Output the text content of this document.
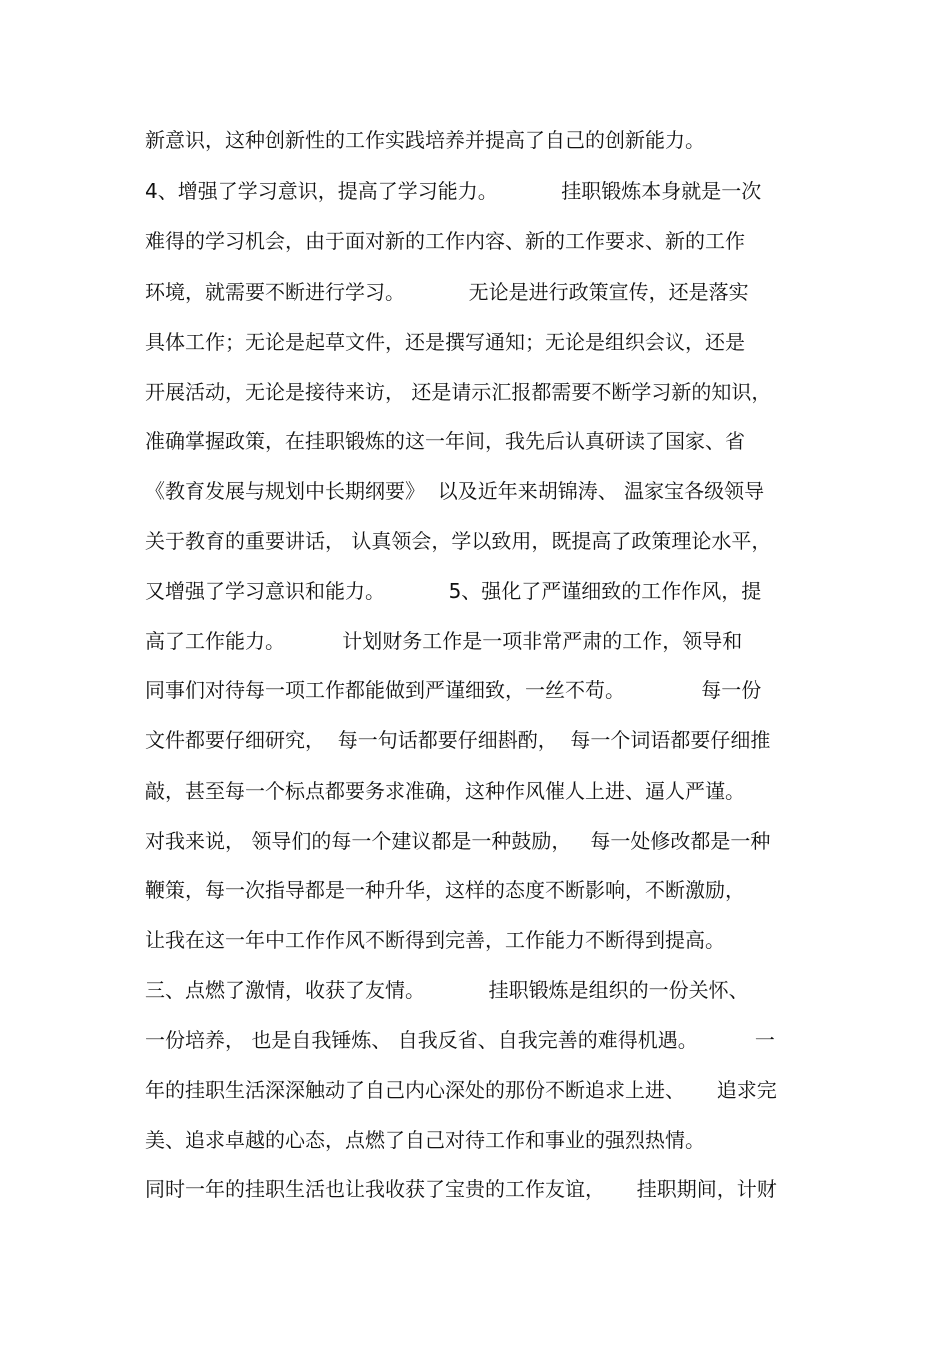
新意识，这种创新性的工作实践培养并提高了自己的创新能力。
4、增强了学习意识，提高了学习能力。          挂职锻炼本身就是一次
难得的学习机会，由于面对新的工作内容、新的工作要求、新的工作
环境，就需要不断进行学习。          无论是进行政策宣传，还是落实
具体工作；无论是起草文件，还是撰写通知；无论是组织会议，还是
开展活动，无论是接待来访， 还是请示汇报都需要不断学习新的知识，
准确掌握政策，在挂职锻炼的这一年间，我先后认真研读了国家、省
《教育发展与规划中长期纲要》  以及近年来胡锦涛、 温家宝各级领导
关于教育的重要讲话， 认真领会，学以致用，既提高了政策理论水平，
又增强了学习意识和能力。          5、强化了严谨细致的工作作风，提
高了工作能力。         计划财务工作是一项非常严肃的工作，领导和
同事们对待每一项工作都能做到严谨细致，一丝不苟。            每一份
文件都要仔细研究，  每一句话都要仔细斟酌，  每一个词语都要仔细推
敲，甚至每一个标点都要务求准确，这种作风催人上进、逼人严谨。
对我来说， 领导们的每一个建议都是一种鼓励，   每一处修改都是一种
鞭策，每一次指导都是一种升华，这样的态度不断影响，不断激励，
让我在这一年中工作作风不断得到完善，工作能力不断得到提高。
三、点燃了激情，收获了友情。          挂职锻炼是组织的一份关怀、
一份培养， 也是自我锤炼、 自我反省、自我完善的难得机遇。         一
年的挂职生活深深触动了自己内心深处的那份不断追求上进、     追求完
美、追求卓越的心态，点燃了自己对待工作和事业的强烈热情。
同时一年的挂职生活也让我收获了宝贵的工作友谊，     挂职期间，计财
